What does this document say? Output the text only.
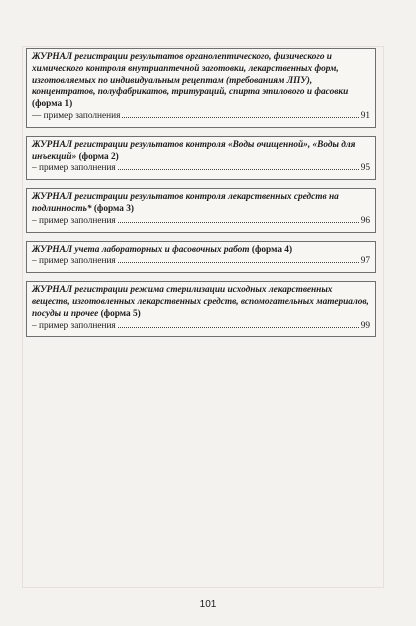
ЖУРНАЛ регистрации результатов органолептического, физического и химического контроля внутриаптечной заготовки, лекарственных форм, изготовляемых по индивидуальным рецептам (требованиям ЛПУ), концентратов, полуфабрикатов, тритураций, спирта этилового и фасовки (форма 1)
— пример заполнения	91
ЖУРНАЛ регистрации результатов контроля «Воды очищенной», «Воды для инъекций» (форма 2)
– пример заполнения	95
ЖУРНАЛ регистрации результатов контроля лекарственных средств на подлинность* (форма 3)
– пример заполнения	96
ЖУРНАЛ учета лабораторных и фасовочных работ (форма 4)
– пример заполнения	97
ЖУРНАЛ регистрации режима стерилизации исходных лекарственных веществ, изготовленных лекарственных средств, вспомогательных материалов, посуды и прочее (форма 5)
– пример заполнения	99
101
